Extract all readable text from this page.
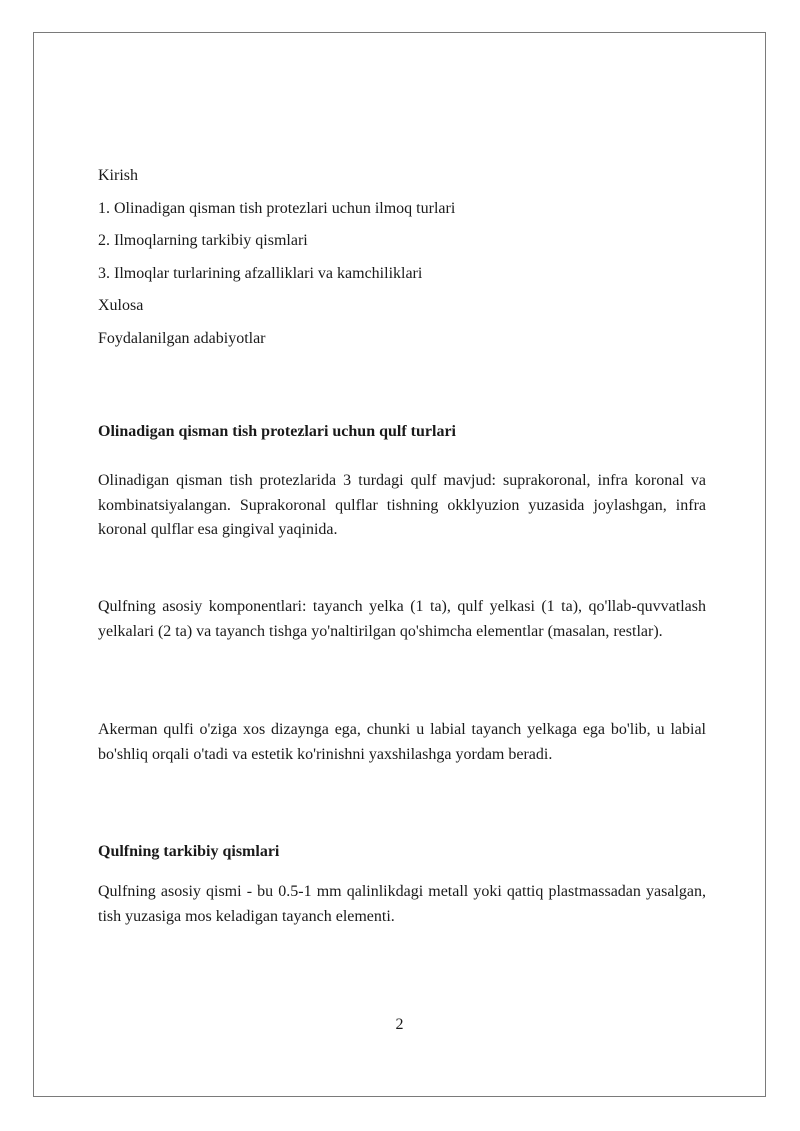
Kirish
1. Olinadigan qisman tish protezlari uchun ilmoq turlari
2. Ilmoqlarning tarkibiy qismlari
3. Ilmoqlar turlarining afzalliklari va kamchiliklari
Xulosa
Foydalanilgan adabiyotlar
Olinadigan qisman tish protezlari uchun qulf turlari
Olinadigan qisman tish protezlarida 3 turdagi qulf mavjud: suprakoronal, infra koronal va kombinatsiyalangan. Suprakoronal qulflar tishning okklyuzion yuzasida joylashgan, infra koronal qulflar esa gingival yaqinida.
Qulfning asosiy komponentlari: tayanch yelka (1 ta), qulf yelkasi (1 ta), qo'llab-quvvatlash yelkalari (2 ta) va tayanch tishga yo'naltirilgan qo'shimcha elementlar (masalan, restlar).
Akerman qulfi o'ziga xos dizaynga ega, chunki u labial tayanch yelkaga ega bo'lib, u labial bo'shliq orqali o'tadi va estetik ko'rinishni yaxshilashga yordam beradi.
Qulfning tarkibiy qismlari
Qulfning asosiy qismi - bu 0.5-1 mm qalinlikdagi metall yoki qattiq plastmassadan yasalgan, tish yuzasiga mos keladigan tayanch elementi.
2
